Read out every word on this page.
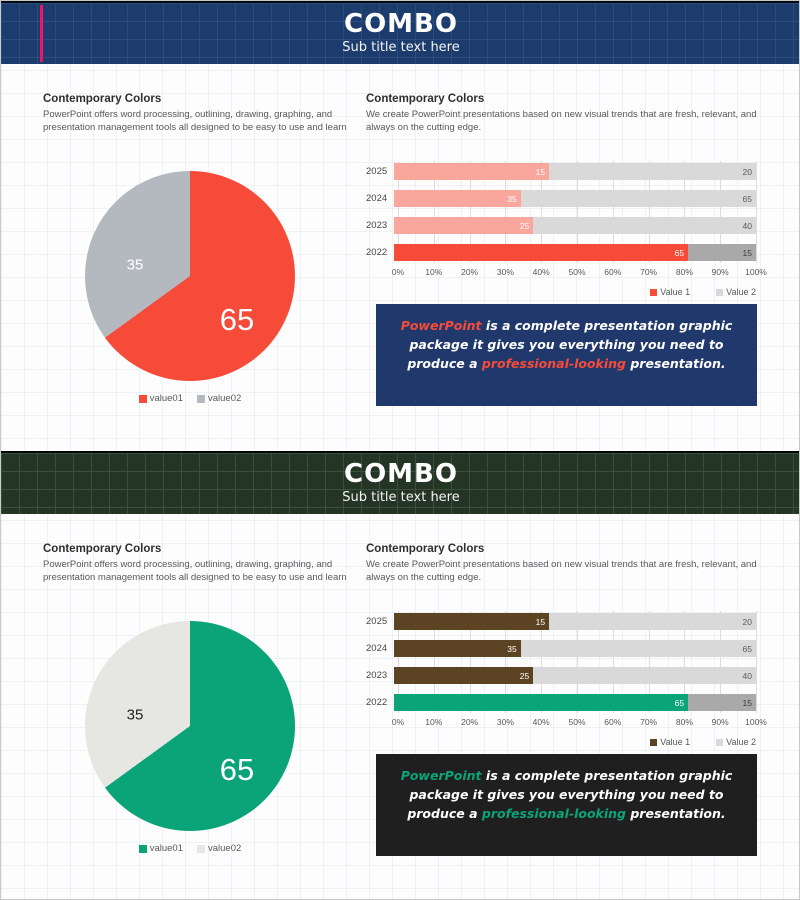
COMBO
Sub title text here
Contemporary Colors

PowerPoint offers word processing, outlining, drawing, graphing, and presentation management tools all designed to be easy to use and learn

Contemporary Colors

We create PowerPoint presentations based on new visual trends that are fresh, relevant, and always on the cutting edge.

65
35
value01	value02
2025	15	20
2024	35	65
2023	25	40
2022	65	15
0% 10% 20% 30% 40% 50% 60% 70% 80% 90% 100%
Value 1	Value 2

PowerPoint is a complete presentation graphic package it gives you everything you need to produce a professional-looking presentation.

COMBO
Sub title text here
Contemporary Colors

PowerPoint offers word processing, outlining, drawing, graphing, and presentation management tools all designed to be easy to use and learn

Contemporary Colors

We create PowerPoint presentations based on new visual trends that are fresh, relevant, and always on the cutting edge.

65
35
value01	value02
2025	15	20
2024	35	65
2023	25	40
2022	65	15
0% 10% 20% 30% 40% 50% 60% 70% 80% 90% 100%
Value 1	Value 2

PowerPoint is a complete presentation graphic package it gives you everything you need to produce a professional-looking presentation.
